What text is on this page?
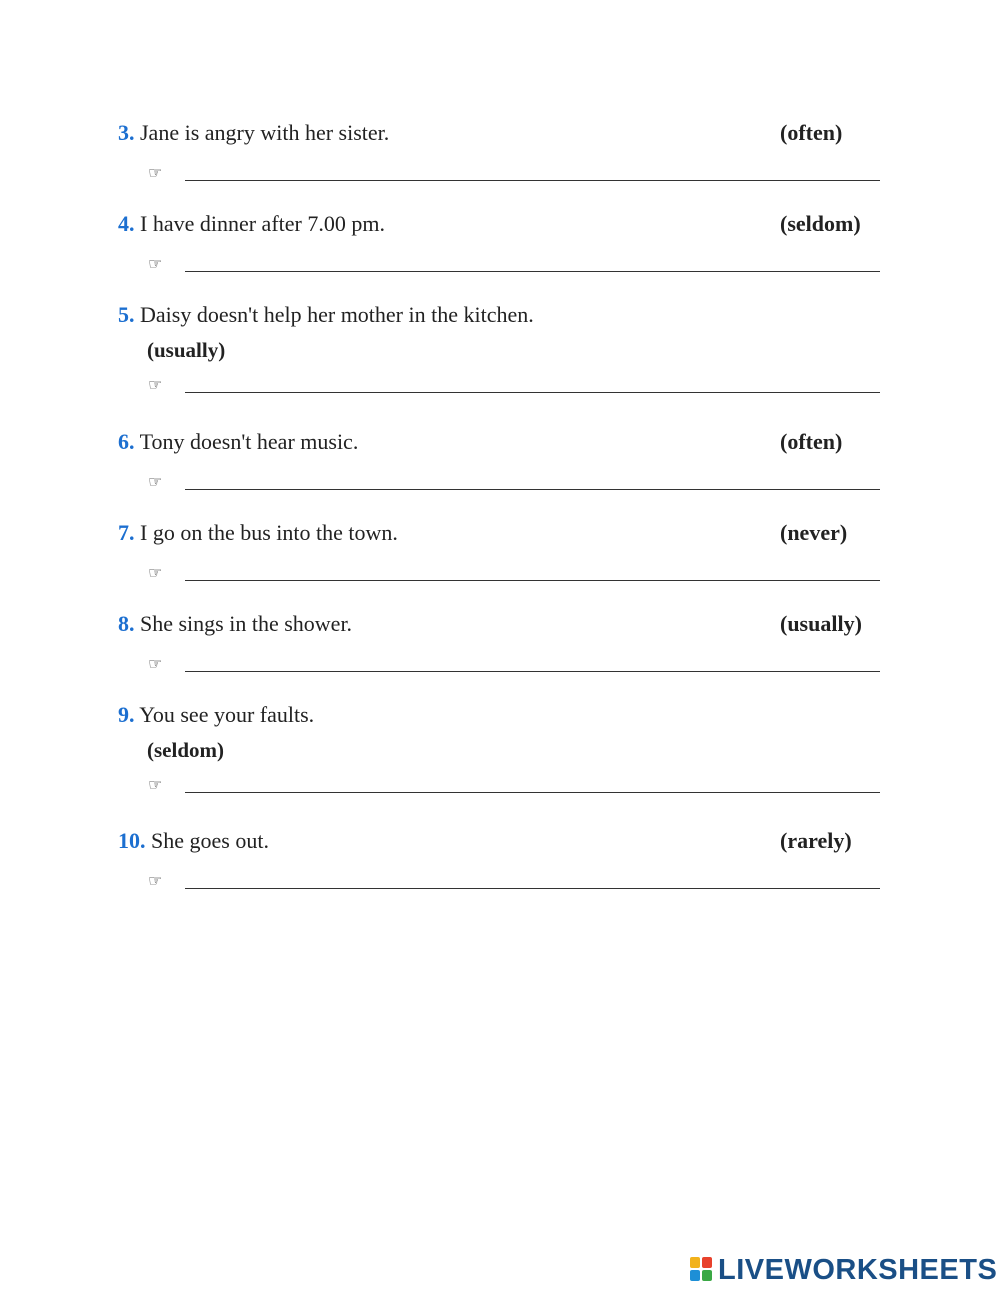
3. Jane is angry with her sister.	(often)
☞
4. I have dinner after 7.00 pm.	(seldom)
☞
5. Daisy doesn't help her mother in the kitchen.
(usually)
☞
6. Tony doesn't hear music.	(often)
☞
7. I go on the bus into the town.	(never)
☞
8. She sings in the shower.	(usually)
☞
9. You see your faults.
(seldom)
☞
10. She goes out.	(rarely)
☞
LIVEWORKSHEETS
